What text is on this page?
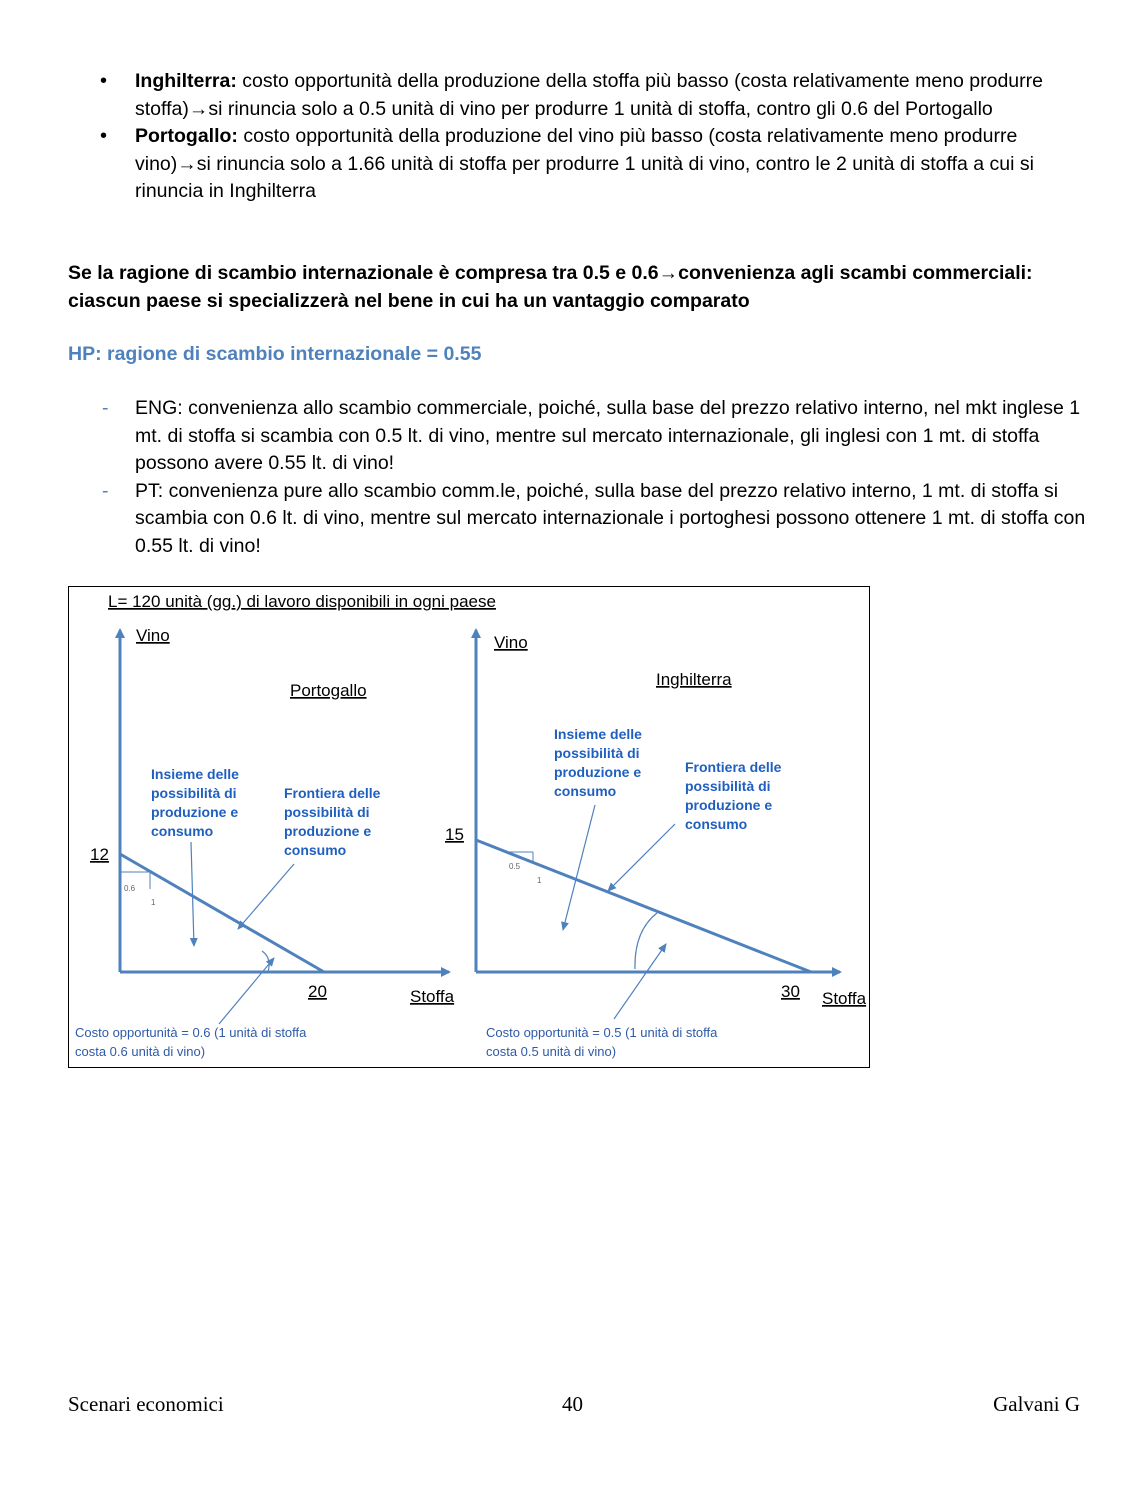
• Inghilterra: costo opportunità della produzione della stoffa più basso (costa relativamente meno produrre stoffa)→si rinuncia solo a 0.5 unità di vino per produrre 1 unità di stoffa, contro gli 0.6 del Portogallo
• Portogallo: costo opportunità della produzione del vino più basso (costa relativamente meno produrre vino)→si rinuncia solo a 1.66 unità di stoffa per produrre 1 unità di vino, contro le 2 unità di stoffa a cui si rinuncia in Inghilterra
Se la ragione di scambio internazionale è compresa tra 0.5 e 0.6→convenienza agli scambi commerciali: ciascun paese si specializzerà nel bene in cui ha un vantaggio comparato
HP: ragione di scambio internazionale = 0.55
- ENG: convenienza allo scambio commerciale, poiché, sulla base del prezzo relativo interno, nel mkt inglese 1 mt. di stoffa si scambia con 0.5 lt. di vino, mentre sul mercato internazionale, gli inglesi con 1 mt. di stoffa possono avere 0.55 lt. di vino!
- PT: convenienza pure allo scambio comm.le, poiché, sulla base del prezzo relativo interno, 1 mt. di stoffa si scambia con 0.6 lt. di vino, mentre sul mercato internazionale i portoghesi possono ottenere 1 mt. di stoffa con 0.55 lt. di vino!
L= 120 unità (gg.) di lavoro disponibili in ogni paese
Vino
Stoffa
Portogallo
12
20
0.6
1
Insieme delle
possibilità di
produzione e
consumo
Frontiera delle
possibilità di
produzione e
consumo
Costo opportunità = 0.6 (1 unità di stoffa
costa 0.6 unità di vino)
Vino
Stoffa
Inghilterra
15
30
0.5
1
Insieme delle
possibilità di
produzione e
consumo
Frontiera delle
possibilità di
produzione e
consumo
Costo opportunità = 0.5 (1 unità di stoffa
costa 0.5 unità di vino)
Scenari economici	40	Galvani G
